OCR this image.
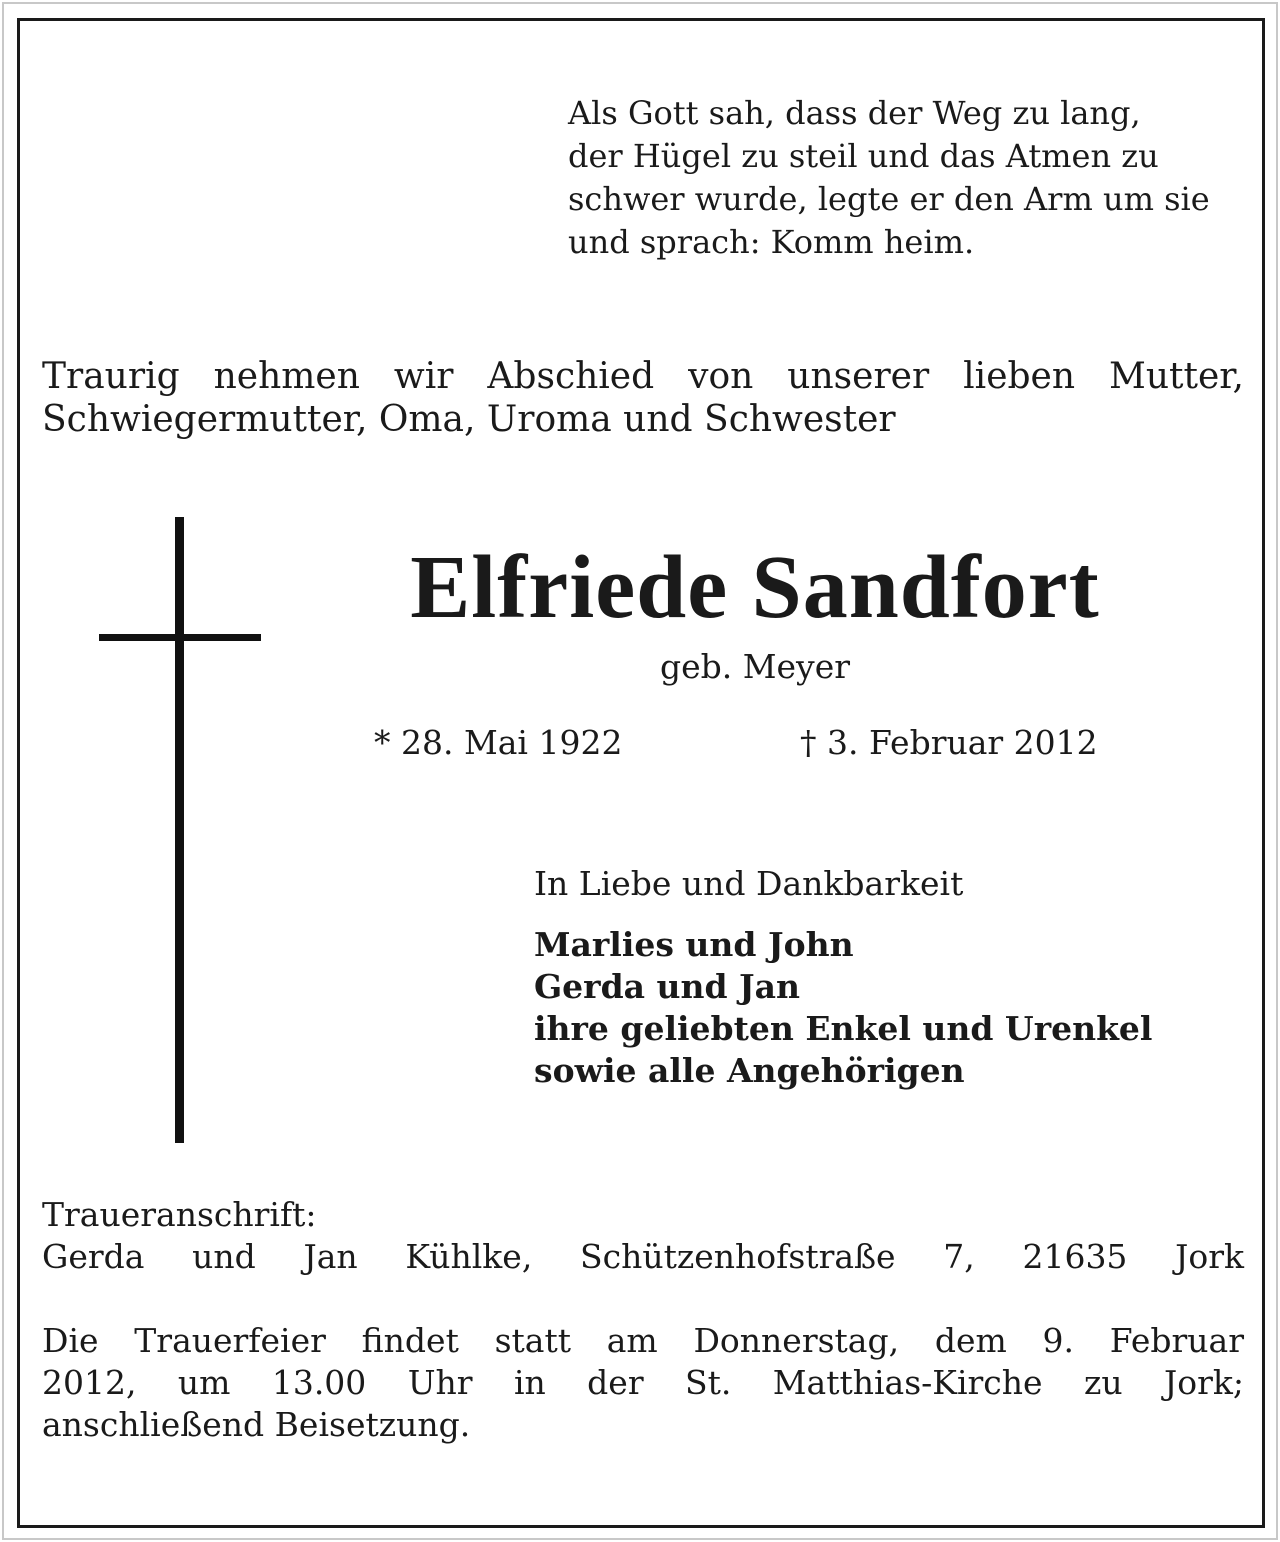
Als Gott sah, dass der Weg zu lang,
der Hügel zu steil und das Atmen zu
schwer wurde, legte er den Arm um sie
und sprach: Komm heim.
Traurig nehmen wir Abschied von unserer lieben Mutter,
Schwiegermutter, Oma, Uroma und Schwester
Elfriede Sandfort
geb. Meyer
* 28. Mai 1922	† 3. Februar 2012
In Liebe und Dankbarkeit
Marlies und John
Gerda und Jan
ihre geliebten Enkel und Urenkel
sowie alle Angehörigen
Traueranschrift:
Gerda und Jan Kühlke, Schützenhofstraße 7, 21635 Jork
Die Trauerfeier findet statt am Donnerstag, dem 9. Februar
2012, um 13.00 Uhr in der St. Matthias-Kirche zu Jork;
anschließend Beisetzung.
